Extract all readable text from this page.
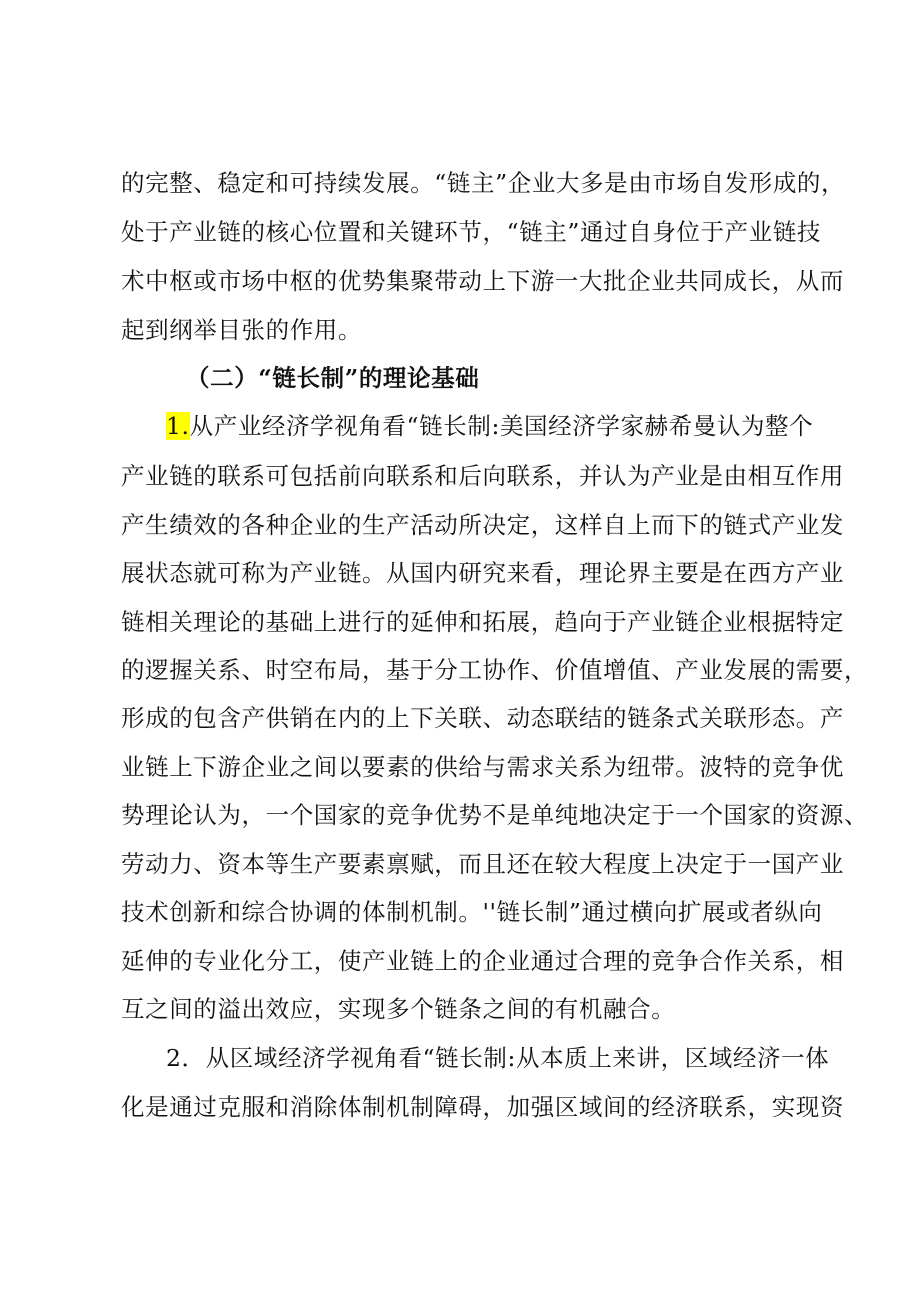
的完整、稳定和可持续发展。“链主”企业大多是由市场自发形成的，
处于产业链的核心位置和关键环节，“链主”通过自身位于产业链技
术中枢或市场中枢的优势集聚带动上下游一大批企业共同成长，从而
起到纲举目张的作用。
（二）“链长制”的理论基础
1.从产业经济学视角看“链长制:美国经济学家赫希曼认为整个
产业链的联系可包括前向联系和后向联系，并认为产业是由相互作用
产生绩效的各种企业的生产活动所决定，这样自上而下的链式产业发
展状态就可称为产业链。从国内研究来看，理论界主要是在西方产业
链相关理论的基础上进行的延伸和拓展，趋向于产业链企业根据特定
的逻握关系、时空布局，基于分工协作、价值增值、产业发展的需要，
形成的包含产供销在内的上下关联、动态联结的链条式关联形态。产
业链上下游企业之间以要素的供给与需求关系为纽带。波特的竞争优
势理论认为，一个国家的竞争优势不是单纯地决定于一个国家的资源、
劳动力、资本等生产要素禀赋，而且还在较大程度上决定于一国产业
技术创新和综合协调的体制机制。''链长制”通过横向扩展或者纵向
延伸的专业化分工，使产业链上的企业通过合理的竞争合作关系，相
互之间的溢出效应，实现多个链条之间的有机融合。
2．从区域经济学视角看“链长制:从本质上来讲，区域经济一体
化是通过克服和消除体制机制障碍，加强区域间的经济联系，实现资
